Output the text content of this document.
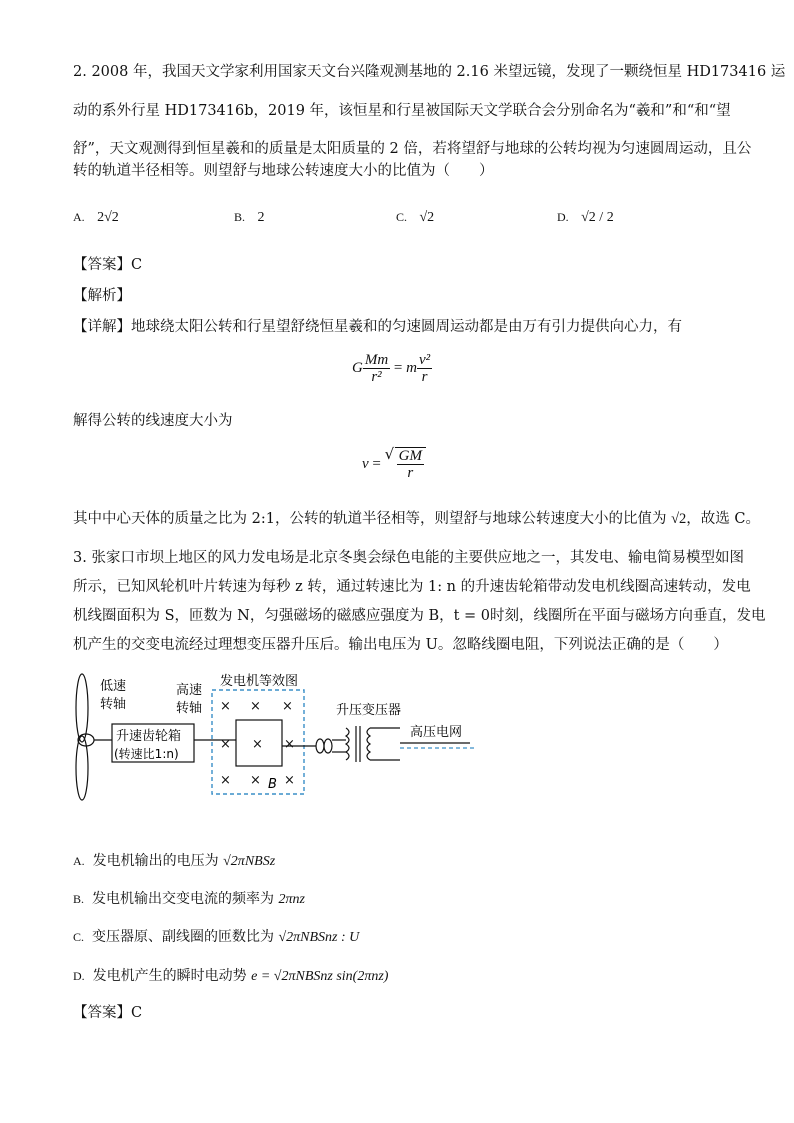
2. 2008 年，我国天文学家利用国家天文台兴隆观测基地的 2.16 米望远镜，发现了一颗绕恒星 HD173416 运
动的系外行星 HD173416b，2019 年，该恒星和行星被国际天文学联合会分别命名为“羲和”和“和“望
舒”，天文观测得到恒星羲和的质量是太阳质量的 2 倍，若将望舒与地球的公转均视为匀速圆周运动，且公
转的轨道半径相等。则望舒与地球公转速度大小的比值为（　　）
A. 2√2	B. 2	C. √2	D. √2 / 2
【答案】C
【解析】
【详解】地球绕太阳公转和行星望舒绕恒星羲和的匀速圆周运动都是由万有引力提供向心力，有
G $\frac{Mm}{\text{r²}} = m \frac{\text{v²}}{r}$
解得公转的线速度大小为
v =
√ $\frac{GM}{r}$
其中中心天体的质量之比为 2:1，公转的轨道半径相等，则望舒与地球公转速度大小的比值为 √2，故选 C。
3. 张家口市坝上地区的风力发电场是北京冬奥会绿色电能的主要供应地之一，其发电、输电简易模型如图
所示，已知风轮机叶片转速为每秒 z 转，通过转速比为 1: n 的升速齿轮箱带动发电机线圈高速转动，发电
机线圈面积为 S，匝数为 N，匀强磁场的磁感应强度为 B，t = 0时刻，线圈所在平面与磁场方向垂直，发电
机产生的交变电流经过理想变压器升压后。输出电压为 U。忽略线圈电阻，下列说法正确的是（　　）
低速
转轴
升速齿轮箱
(转速比1:n)
高速
转轴
发电机等效图
× × ×
× × ×
× × ×
B
升压变压器
高压电网
A. 发电机输出的电压为 √2πNBSz
B. 发电机输出交变电流的频率为 2πnz
C. 变压器原、副线圈的匝数比为 √2πNBSnz : U
D. 发电机产生的瞬时电动势 e = √2πNBSnz sin(2πnz)
【答案】C
